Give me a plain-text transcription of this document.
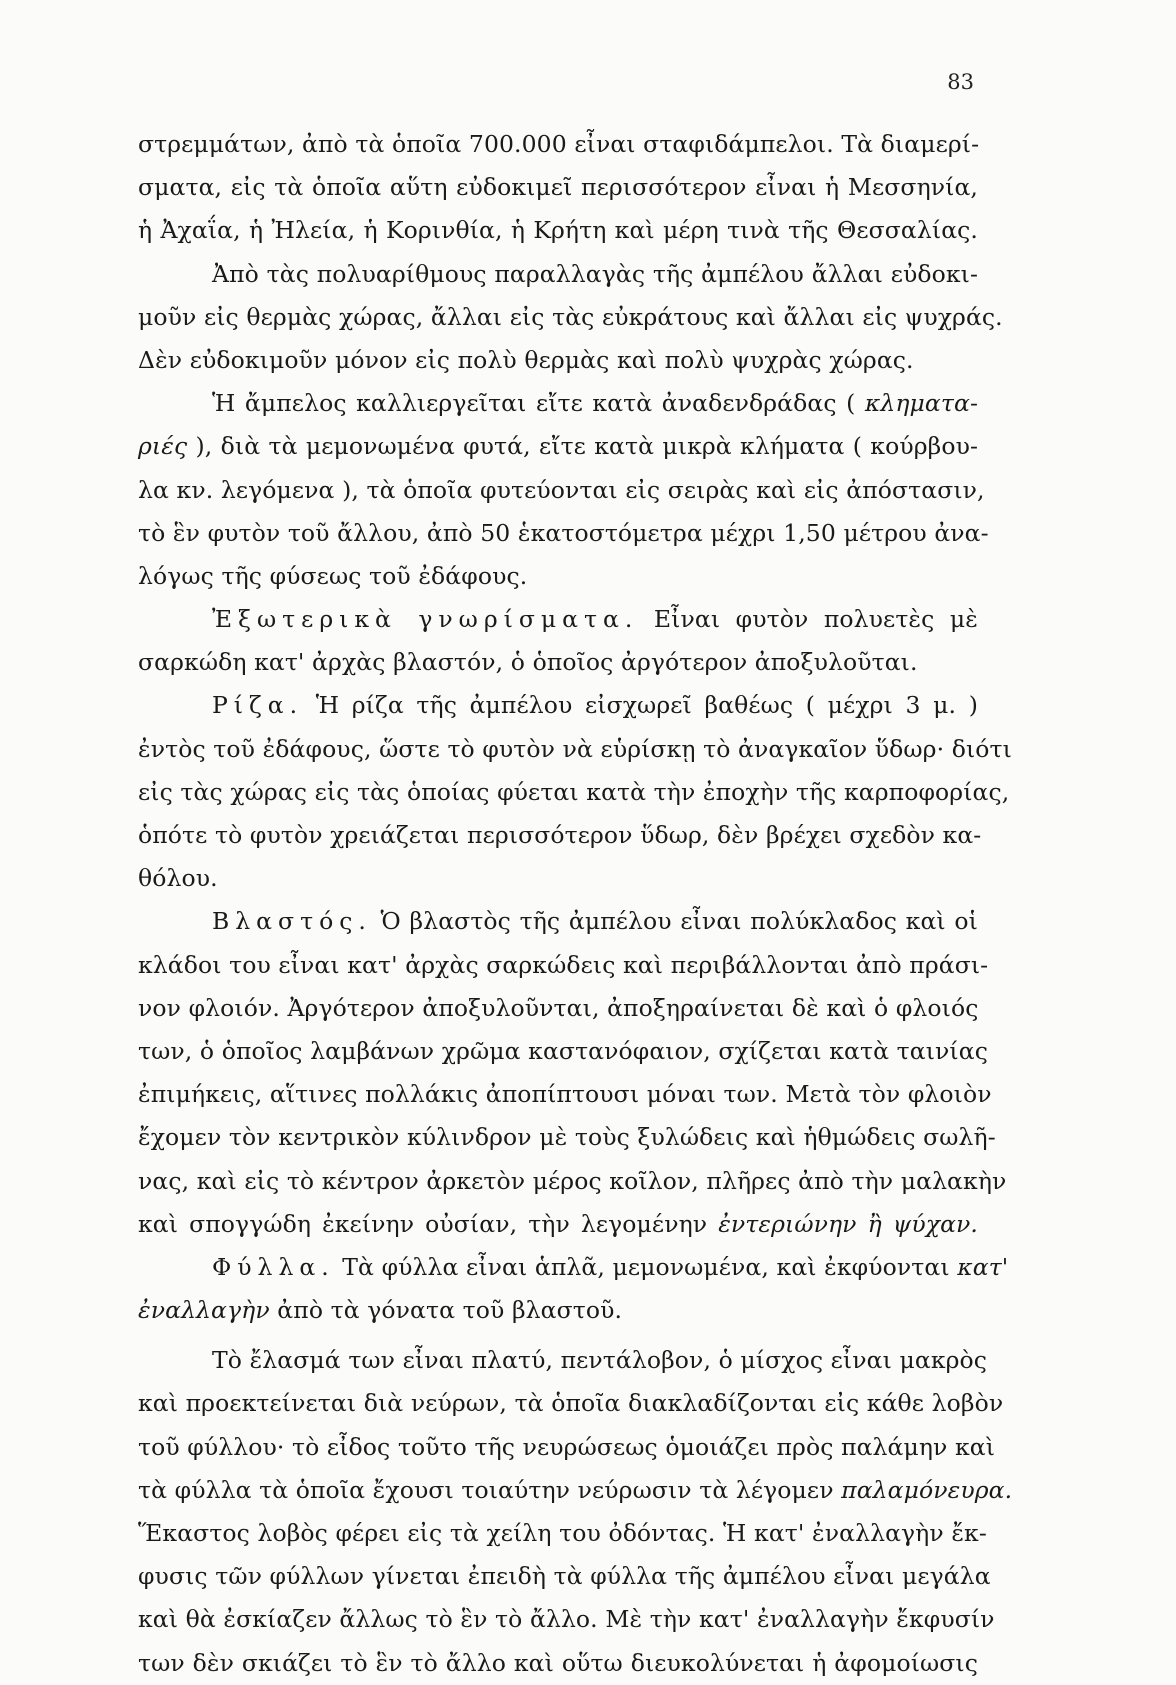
83
στρεμμάτων, ἀπὸ τὰ ὁποῖα 700.000 εἶναι σταφιδάμπελοι. Τὰ διαμερί-
σματα, εἰς τὰ ὁποῖα αὕτη εὐδοκιμεῖ περισσότερον εἶναι ἡ Μεσσηνία,
ἡ Ἀχαΐα, ἡ Ἠλεία, ἡ Κορινθία, ἡ Κρήτη καὶ μέρη τινὰ τῆς Θεσσαλίας.
Ἀπὸ τὰς πολυαρίθμους παραλλαγὰς τῆς ἀμπέλου ἄλλαι εὐδοκι-
μοῦν εἰς θερμὰς χώρας, ἄλλαι εἰς τὰς εὐκράτους καὶ ἄλλαι εἰς ψυχράς.
Δὲν εὐδοκιμοῦν μόνον εἰς πολὺ θερμὰς καὶ πολὺ ψυχρὰς χώρας.
Ἡ ἄμπελος καλλιεργεῖται εἴτε κατὰ ἀναδενδράδας ( κληματα-
ριές ), διὰ τὰ μεμονωμένα φυτά, εἴτε κατὰ μικρὰ κλήματα ( κούρβου-
λα κν. λεγόμενα ), τὰ ὁποῖα φυτεύονται εἰς σειρὰς καὶ εἰς ἀπόστασιν,
τὸ ἓν φυτὸν τοῦ ἄλλου, ἀπὸ 50 ἑκατοστόμετρα μέχρι 1,50 μέτρου ἀνα-
λόγως τῆς φύσεως τοῦ ἐδάφους.
Ἐξωτερικὰ γνωρίσματα. Εἶναι φυτὸν πολυετὲς μὲ
σαρκώδη κατ' ἀρχὰς βλαστόν, ὁ ὁποῖος ἀργότερον ἀποξυλοῦται.
Ρίζα. Ἡ ρίζα τῆς ἀμπέλου εἰσχωρεῖ βαθέως ( μέχρι 3 μ. )
ἐντὸς τοῦ ἐδάφους, ὥστε τὸ φυτὸν νὰ εὑρίσκῃ τὸ ἀναγκαῖον ὕδωρ· διότι
εἰς τὰς χώρας εἰς τὰς ὁποίας φύεται κατὰ τὴν ἐποχὴν τῆς καρποφορίας,
ὁπότε τὸ φυτὸν χρειάζεται περισσότερον ὕδωρ, δὲν βρέχει σχεδὸν κα-
θόλου.
Βλαστός. Ὁ βλαστὸς τῆς ἀμπέλου εἶναι πολύκλαδος καὶ οἱ
κλάδοι του εἶναι κατ' ἀρχὰς σαρκώδεις καὶ περιβάλλονται ἀπὸ πράσι-
νον φλοιόν. Ἀργότερον ἀποξυλοῦνται, ἀποξηραίνεται δὲ καὶ ὁ φλοιός
των, ὁ ὁποῖος λαμβάνων χρῶμα καστανόφαιον, σχίζεται κατὰ ταινίας
ἐπιμήκεις, αἵτινες πολλάκις ἀποπίπτουσι μόναι των. Μετὰ τὸν φλοιὸν
ἔχομεν τὸν κεντρικὸν κύλινδρον μὲ τοὺς ξυλώδεις καὶ ἡθμώδεις σωλῆ-
νας, καὶ εἰς τὸ κέντρον ἀρκετὸν μέρος κοῖλον, πλῆρες ἀπὸ τὴν μαλακὴν
καὶ σπογγώδη ἐκείνην οὐσίαν, τὴν λεγομένην ἐντεριώνην ἢ ψύχαν.
Φύλλα. Τὰ φύλλα εἶναι ἁπλᾶ, μεμονωμένα, καὶ ἐκφύονται κατ'
ἐναλλαγὴν ἀπὸ τὰ γόνατα τοῦ βλαστοῦ.
Τὸ ἔλασμά των εἶναι πλατύ, πεντάλοβον, ὁ μίσχος εἶναι μακρὸς
καὶ προεκτείνεται διὰ νεύρων, τὰ ὁποῖα διακλαδίζονται εἰς κάθε λοβὸν
τοῦ φύλλου· τὸ εἶδος τοῦτο τῆς νευρώσεως ὁμοιάζει πρὸς παλάμην καὶ
τὰ φύλλα τὰ ὁποῖα ἔχουσι τοιαύτην νεύρωσιν τὰ λέγομεν παλαμόνευρα.
Ἕκαστος λοβὸς φέρει εἰς τὰ χείλη του ὀδόντας. Ἡ κατ' ἐναλλαγὴν ἔκ-
φυσις τῶν φύλλων γίνεται ἐπειδὴ τὰ φύλλα τῆς ἀμπέλου εἶναι μεγάλα
καὶ θὰ ἐσκίαζεν ἄλλως τὸ ἓν τὸ ἄλλο. Μὲ τὴν κατ' ἐναλλαγὴν ἔκφυσίν
των δὲν σκιάζει τὸ ἓν τὸ ἄλλο καὶ οὕτω διευκολύνεται ἡ ἀφομοίωσις
